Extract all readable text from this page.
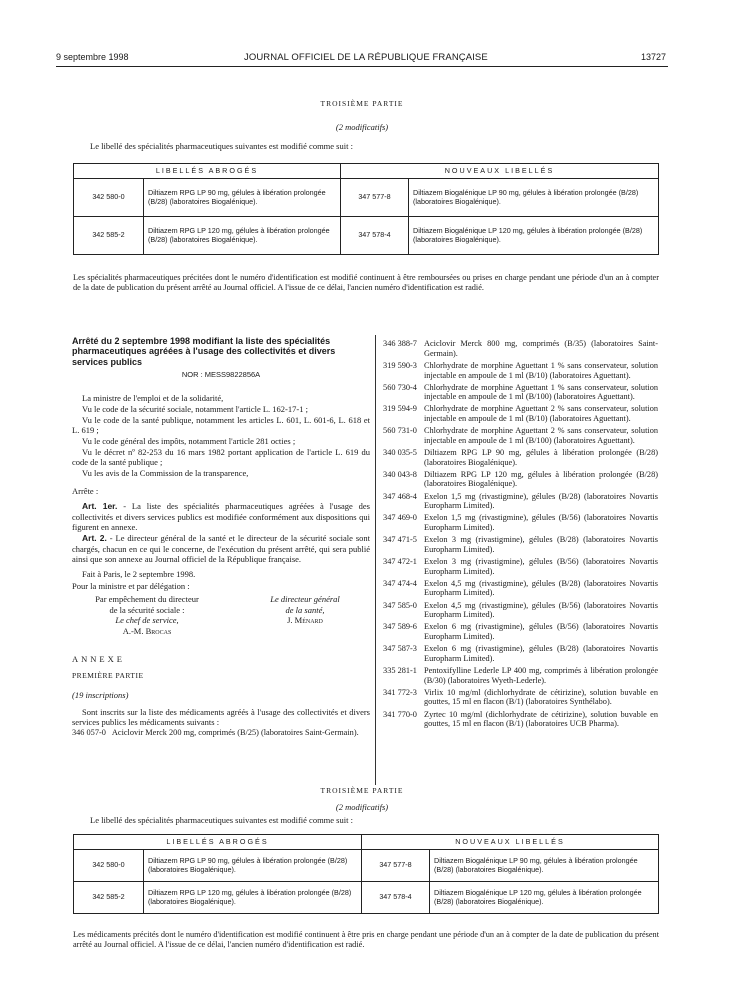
9 septembre 1998	JOURNAL OFFICIEL DE LA RÉPUBLIQUE FRANÇAISE	13727
TROISIÈME PARTIE
(2 modificatifs)
Le libellé des spécialités pharmaceutiques suivantes est modifié comme suit :
LIBELLÉS ABROGÉS		NOUVEAUX LIBELLÉS	
342 580-0	Diltiazem RPG LP 90 mg, gélules à libération prolongée (B/28) (laboratoires Biogalénique).	347 577-8	Diltiazem Biogalénique LP 90 mg, gélules à libération prolongée (B/28) (laboratoires Biogalénique).
342 585-2	Diltiazem RPG LP 120 mg, gélules à libération prolongée (B/28) (laboratoires Biogalénique).	347 578-4	Diltiazem Biogalénique LP 120 mg, gélules à libération prolongée (B/28) (laboratoires Biogalénique).
Les spécialités pharmaceutiques précitées dont le numéro d'identification est modifié continuent à être remboursées ou prises en charge pendant une période d'un an à compter de la date de publication du présent arrêté au Journal officiel. A l'issue de ce délai, l'ancien numéro d'identification est radié.
Arrêté du 2 septembre 1998 modifiant la liste des spécialités pharmaceutiques agréées à l'usage des collectivités et divers services publics
NOR : MESS9822856A

La ministre de l'emploi et de la solidarité,

Vu le code de la sécurité sociale, notamment l'article L. 162-17-1 ;

Vu le code de la santé publique, notamment les articles L. 601, L. 601-6, L. 618 et L. 619 ;

Vu le code général des impôts, notamment l'article 281 octies ;

Vu le décret nº 82-253 du 16 mars 1982 portant application de l'article L. 619 du code de la santé publique ;

Vu les avis de la Commission de la transparence,

Arrête :

Art. 1er. - La liste des spécialités pharmaceutiques agréées à l'usage des collectivités et divers services publics est modifiée conformément aux dispositions qui figurent en annexe.

Art. 2. - Le directeur général de la santé et le directeur de la sécurité sociale sont chargés, chacun en ce qui le concerne, de l'exécution du présent arrêté, qui sera publié ainsi que son annexe au Journal officiel de la République française.

Fait à Paris, le 2 septembre 1998.

Pour la ministre et par délégation :

Par empêchement du directeur
de la sécurité sociale :
Le chef de service,
A.-M. Brocas
Le directeur général
de la santé,
J. Ménard

ANNEXE

PREMIÈRE PARTIE

(19 inscriptions)

Sont inscrits sur la liste des médicaments agréés à l'usage des collectivités et divers services publics les médicaments suivants :

346 057-0 Aciclovir Merck 200 mg, comprimés (B/25) (laboratoires Saint-Germain).
346 388-7 Aciclovir Merck 800 mg, comprimés (B/35) (laboratoires Saint-Germain).
319 590-3 Chlorhydrate de morphine Aguettant 1 % sans conservateur, solution injectable en ampoule de 1 ml (B/10) (laboratoires Aguettant).
560 730-4 Chlorhydrate de morphine Aguettant 1 % sans conservateur, solution injectable en ampoule de 1 ml (B/100) (laboratoires Aguettant).
319 594-9 Chlorhydrate de morphine Aguettant 2 % sans conservateur, solution injectable en ampoule de 1 ml (B/10) (laboratoires Aguettant).
560 731-0 Chlorhydrate de morphine Aguettant 2 % sans conservateur, solution injectable en ampoule de 1 ml (B/100) (laboratoires Aguettant).
340 035-5 Diltiazem RPG LP 90 mg, gélules à libération prolongée (B/28) (laboratoires Biogalénique).
340 043-8 Diltiazem RPG LP 120 mg, gélules à libération prolongée (B/28) (laboratoires Biogalénique).
347 468-4 Exelon 1,5 mg (rivastigmine), gélules (B/28) (laboratoires Novartis Europharm Limited).
347 469-0 Exelon 1,5 mg (rivastigmine), gélules (B/56) (laboratoires Novartis Europharm Limited).
347 471-5 Exelon 3 mg (rivastigmine), gélules (B/28) (laboratoires Novartis Europharm Limited).
347 472-1 Exelon 3 mg (rivastigmine), gélules (B/56) (laboratoires Novartis Europharm Limited).
347 474-4 Exelon 4,5 mg (rivastigmine), gélules (B/28) (laboratoires Novartis Europharm Limited).
347 585-0 Exelon 4,5 mg (rivastigmine), gélules (B/56) (laboratoires Novartis Europharm Limited).
347 589-6 Exelon 6 mg (rivastigmine), gélules (B/56) (laboratoires Novartis Europharm Limited).
347 587-3 Exelon 6 mg (rivastigmine), gélules (B/28) (laboratoires Novartis Europharm Limited).
335 281-1 Pentoxifylline Lederle LP 400 mg, comprimés à libération prolongée (B/30) (laboratoires Wyeth-Lederle).
341 772-3 Virlix 10 mg/ml (dichlorhydrate de cétirizine), solution buvable en gouttes, 15 ml en flacon (B/1) (laboratoires Synthélabo).
341 770-0 Zyrtec 10 mg/ml (dichlorhydrate de cétirizine), solution buvable en gouttes, 15 ml en flacon (B/1) (laboratoires UCB Pharma).
TROISIÈME PARTIE
(2 modificatifs)
Le libellé des spécialités pharmaceutiques suivantes est modifié comme suit :
LIBELLÉS ABROGÉS		NOUVEAUX LIBELLÉS	
342 580-0	Diltiazem RPG LP 90 mg, gélules à libération prolongée (B/28) (laboratoires Biogalénique).	347 577-8	Diltiazem Biogalénique LP 90 mg, gélules à libération prolongée (B/28) (laboratoires Biogalénique).
342 585-2	Diltiazem RPG LP 120 mg, gélules à libération prolongée (B/28) (laboratoires Biogalénique).	347 578-4	Diltiazem Biogalénique LP 120 mg, gélules à libération prolongée (B/28) (laboratoires Biogalénique).
Les médicaments précités dont le numéro d'identification est modifié continuent à être pris en charge pendant une période d'un an à compter de la date de publication du présent arrêté au Journal officiel. A l'issue de ce délai, l'ancien numéro d'identification est radié.
